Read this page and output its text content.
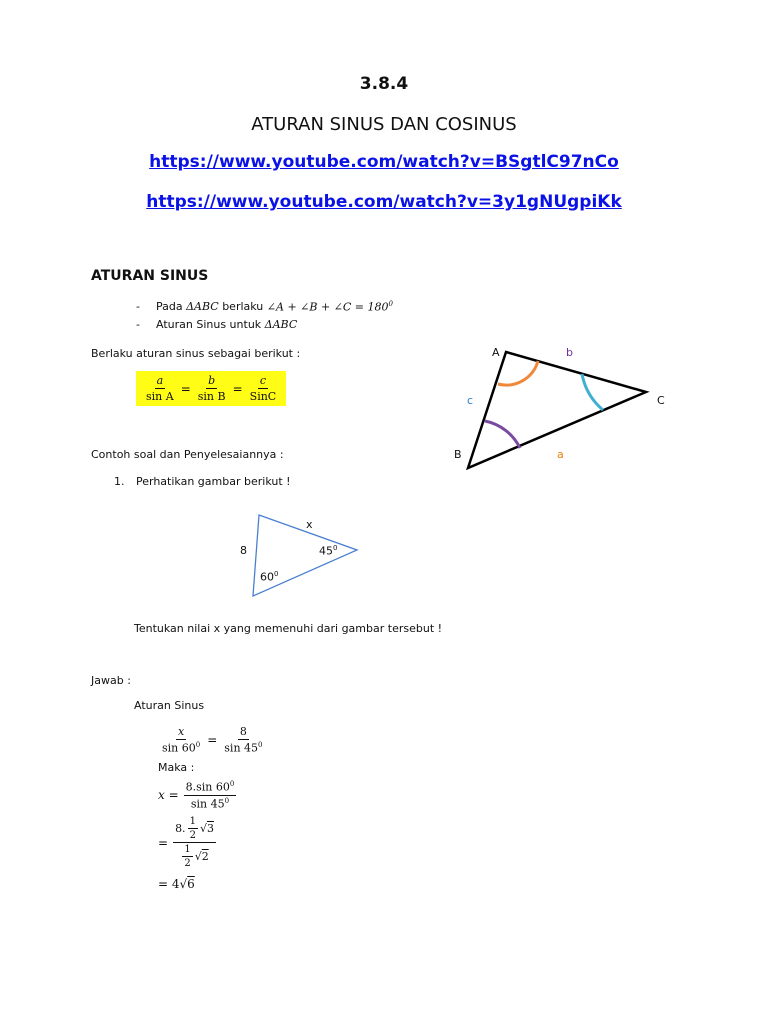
3.8.4
ATURAN SINUS DAN COSINUS
https://www.youtube.com/watch?v=BSgtlC97nCo
https://www.youtube.com/watch?v=3y1gNUgpiKk
ATURAN SINUS
-	Pada
ΔABC
berlaku
∠A + ∠B + ∠C = $180^0$
-	Aturan Sinus untuk
ΔABC
Berlaku aturan sinus sebagai berikut :
$\frac{a}{\text{sin A}} = \frac{b}{\text{sin B}} = \frac{c}{\text{SinC}}$
A	b
c	C
B	a
Contoh soal dan Penyelesaiannya :
1.	Perhatikan gambar berikut !
x
8	$45^0$
$60^0$
Tentukan nilai x yang memenuhi dari gambar tersebut !
Jawab :
Aturan Sinus
$\frac{x}{\sin 60^0} = \frac{8}{\sin 45^0}$
Maka :
$x = \frac{8.\sin 60^0}{\sin 45^0}$
= $\frac{8. \frac{1}{2} √3}{\frac{1}{2} √2}$
= 4 √6
